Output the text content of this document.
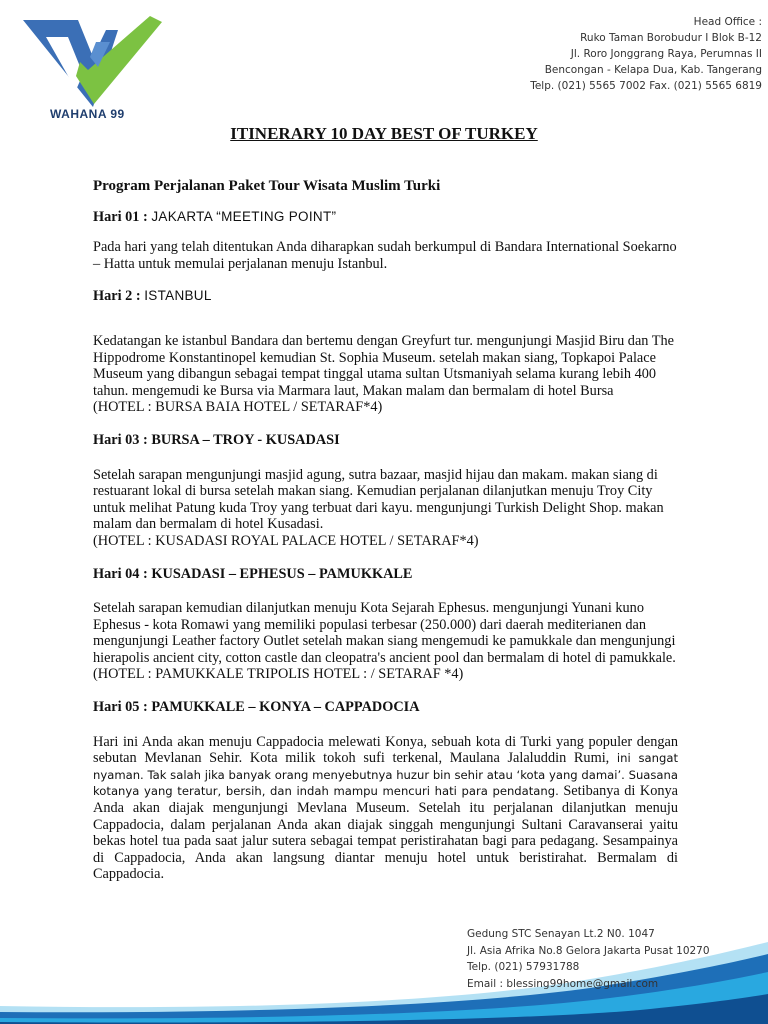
WAHANA 99
Head Office :
Ruko Taman Borobudur I Blok B-12
Jl. Roro Jonggrang Raya, Perumnas II
Bencongan - Kelapa Dua, Kab. Tangerang
Telp. (021) 5565 7002 Fax. (021) 5565 6819
ITINERARY 10 DAY BEST OF TURKEY
Program Perjalanan Paket Tour Wisata Muslim Turki
Hari 01 : JAKARTA “MEETING POINT”
Pada hari yang telah ditentukan Anda diharapkan sudah berkumpul di Bandara International Soekarno – Hatta untuk memulai perjalanan menuju Istanbul.
Hari 2 : ISTANBUL
Kedatangan ke istanbul Bandara dan bertemu dengan Greyfurt tur. mengunjungi Masjid Biru dan The Hippodrome Konstantinopel kemudian St. Sophia Museum. setelah makan siang, Topkapoi Palace Museum yang dibangun sebagai tempat tinggal utama sultan Utsmaniyah selama kurang lebih 400 tahun. mengemudi ke Bursa via Marmara laut, Makan malam dan bermalam di hotel Bursa
(HOTEL : BURSA BAIA HOTEL / SETARAF*4)
Hari 03 : BURSA – TROY - KUSADASI
Setelah sarapan mengunjungi masjid agung, sutra bazaar, masjid hijau dan makam. makan siang di restuarant lokal di bursa setelah makan siang. Kemudian perjalanan dilanjutkan menuju Troy City untuk melihat Patung kuda Troy yang terbuat dari kayu. mengunjungi Turkish Delight Shop. makan malam dan bermalam di hotel Kusadasi.
(HOTEL : KUSADASI ROYAL PALACE HOTEL / SETARAF*4)
Hari 04 : KUSADASI – EPHESUS – PAMUKKALE
Setelah sarapan kemudian dilanjutkan menuju Kota Sejarah Ephesus. mengunjungi Yunani kuno Ephesus - kota Romawi yang memiliki populasi terbesar (250.000) dari daerah mediterianen dan mengunjungi Leather factory Outlet setelah makan siang mengemudi ke pamukkale dan mengunjungi hierapolis ancient city, cotton castle dan cleopatra's ancient pool dan bermalam di hotel di pamukkale.
(HOTEL : PAMUKKALE TRIPOLIS HOTEL : / SETARAF *4)
Hari 05 : PAMUKKALE – KONYA – CAPPADOCIA
Hari ini Anda akan menuju Cappadocia melewati Konya, sebuah kota di Turki yang populer dengan sebutan Mevlanan Sehir. Kota milik tokoh sufi terkenal, Maulana Jalaluddin Rumi, ini sangat nyaman. Tak salah jika banyak orang menyebutnya huzur bin sehir atau ‘kota yang damai’. Suasana kotanya yang teratur, bersih, dan indah mampu mencuri hati para pendatang. Setibanya di Konya Anda akan diajak mengunjungi Mevlana Museum. Setelah itu perjalanan dilanjutkan menuju Cappadocia, dalam perjalanan Anda akan diajak singgah mengunjungi Sultani Caravanserai yaitu bekas hotel tua pada saat jalur sutera sebagai tempat peristirahatan bagi para pedagang. Sesampainya di Cappadocia, Anda akan langsung diantar menuju hotel untuk beristirahat. Bermalam di Cappadocia.
Gedung STC Senayan Lt.2 N0. 1047
Jl. Asia Afrika No.8 Gelora Jakarta Pusat 10270
Telp. (021) 57931788
Email : blessing99home@gmail.com
